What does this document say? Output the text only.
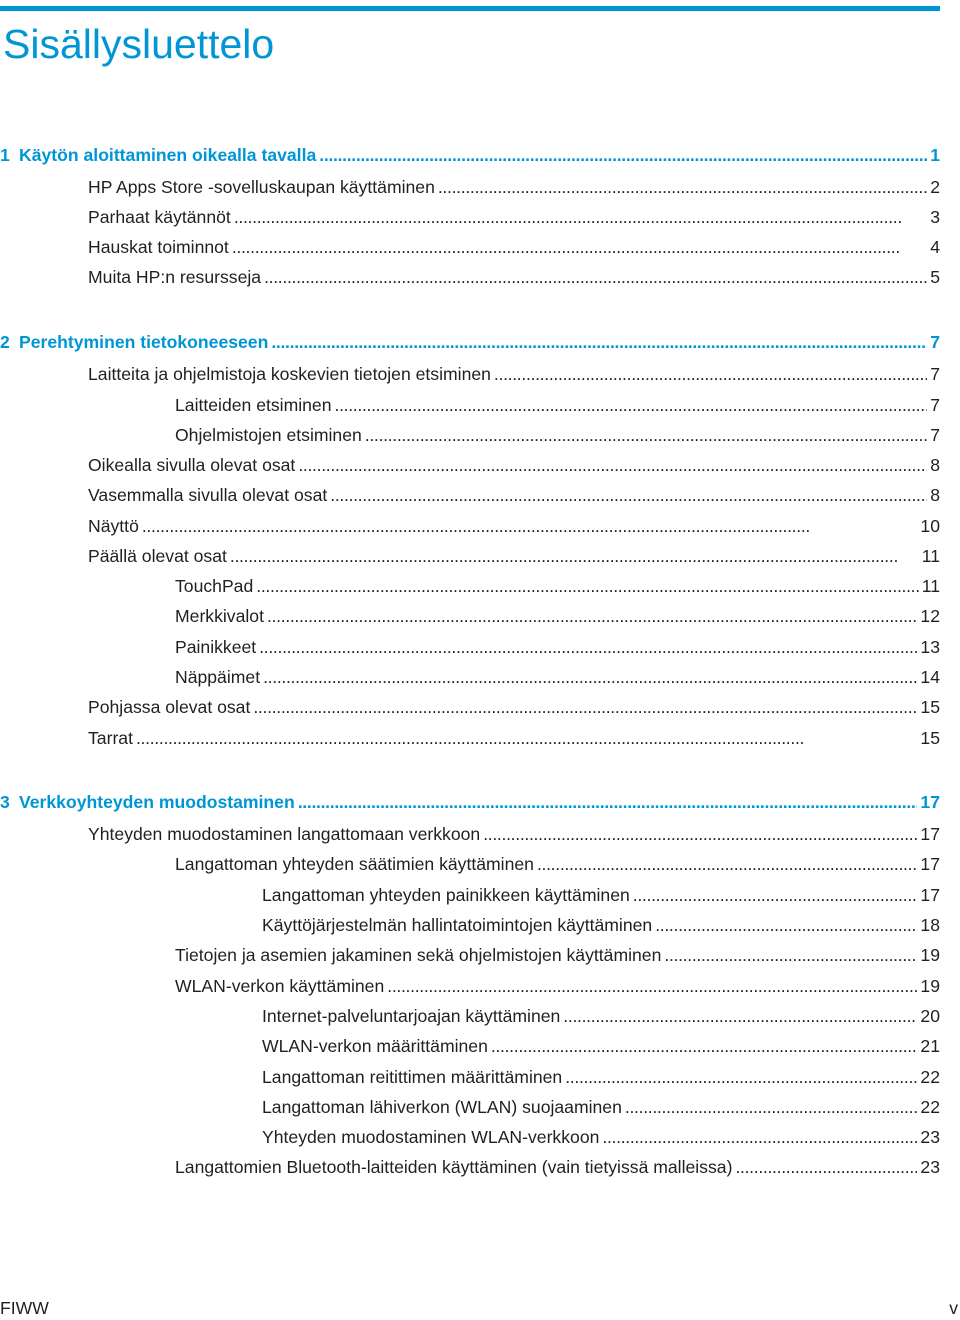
Sisällysluettelo
1 Käytön aloittaminen oikealla tavalla . . .	1
HP Apps Store -sovelluskaupan käyttäminen . . .	2
Parhaat käytännöt . . .	3
Hauskat toiminnot . . .	4
Muita HP:n resursseja . . .	5
2 Perehtyminen tietokoneeseen . . .	7
Laitteita ja ohjelmistoja koskevien tietojen etsiminen . . .	7
Laitteiden etsiminen . . .	7
Ohjelmistojen etsiminen . . .	7
Oikealla sivulla olevat osat . . .	8
Vasemmalla sivulla olevat osat . . .	8
Näyttö . . .	10
Päällä olevat osat . . .	11
TouchPad . . .	11
Merkkivalot . . .	12
Painikkeet . . .	13
Näppäimet . . .	14
Pohjassa olevat osat . . .	15
Tarrat . . .	15
3 Verkkoyhteyden muodostaminen . . .	17
Yhteyden muodostaminen langattomaan verkkoon . . .	17
Langattoman yhteyden säätimien käyttäminen . . .	17
Langattoman yhteyden painikkeen käyttäminen . . .	17
Käyttöjärjestelmän hallintatoimintojen käyttäminen . . .	18
Tietojen ja asemien jakaminen sekä ohjelmistojen käyttäminen . . .	19
WLAN-verkon käyttäminen . . .	19
Internet-palveluntarjoajan käyttäminen . . .	20
WLAN-verkon määrittäminen . . .	21
Langattoman reitittimen määrittäminen . . .	22
Langattoman lähiverkon (WLAN) suojaaminen . . .	22
Yhteyden muodostaminen WLAN-verkkoon . . .	23
Langattomien Bluetooth-laitteiden käyttäminen (vain tietyissä malleissa) . . .	23
FIWW	v
